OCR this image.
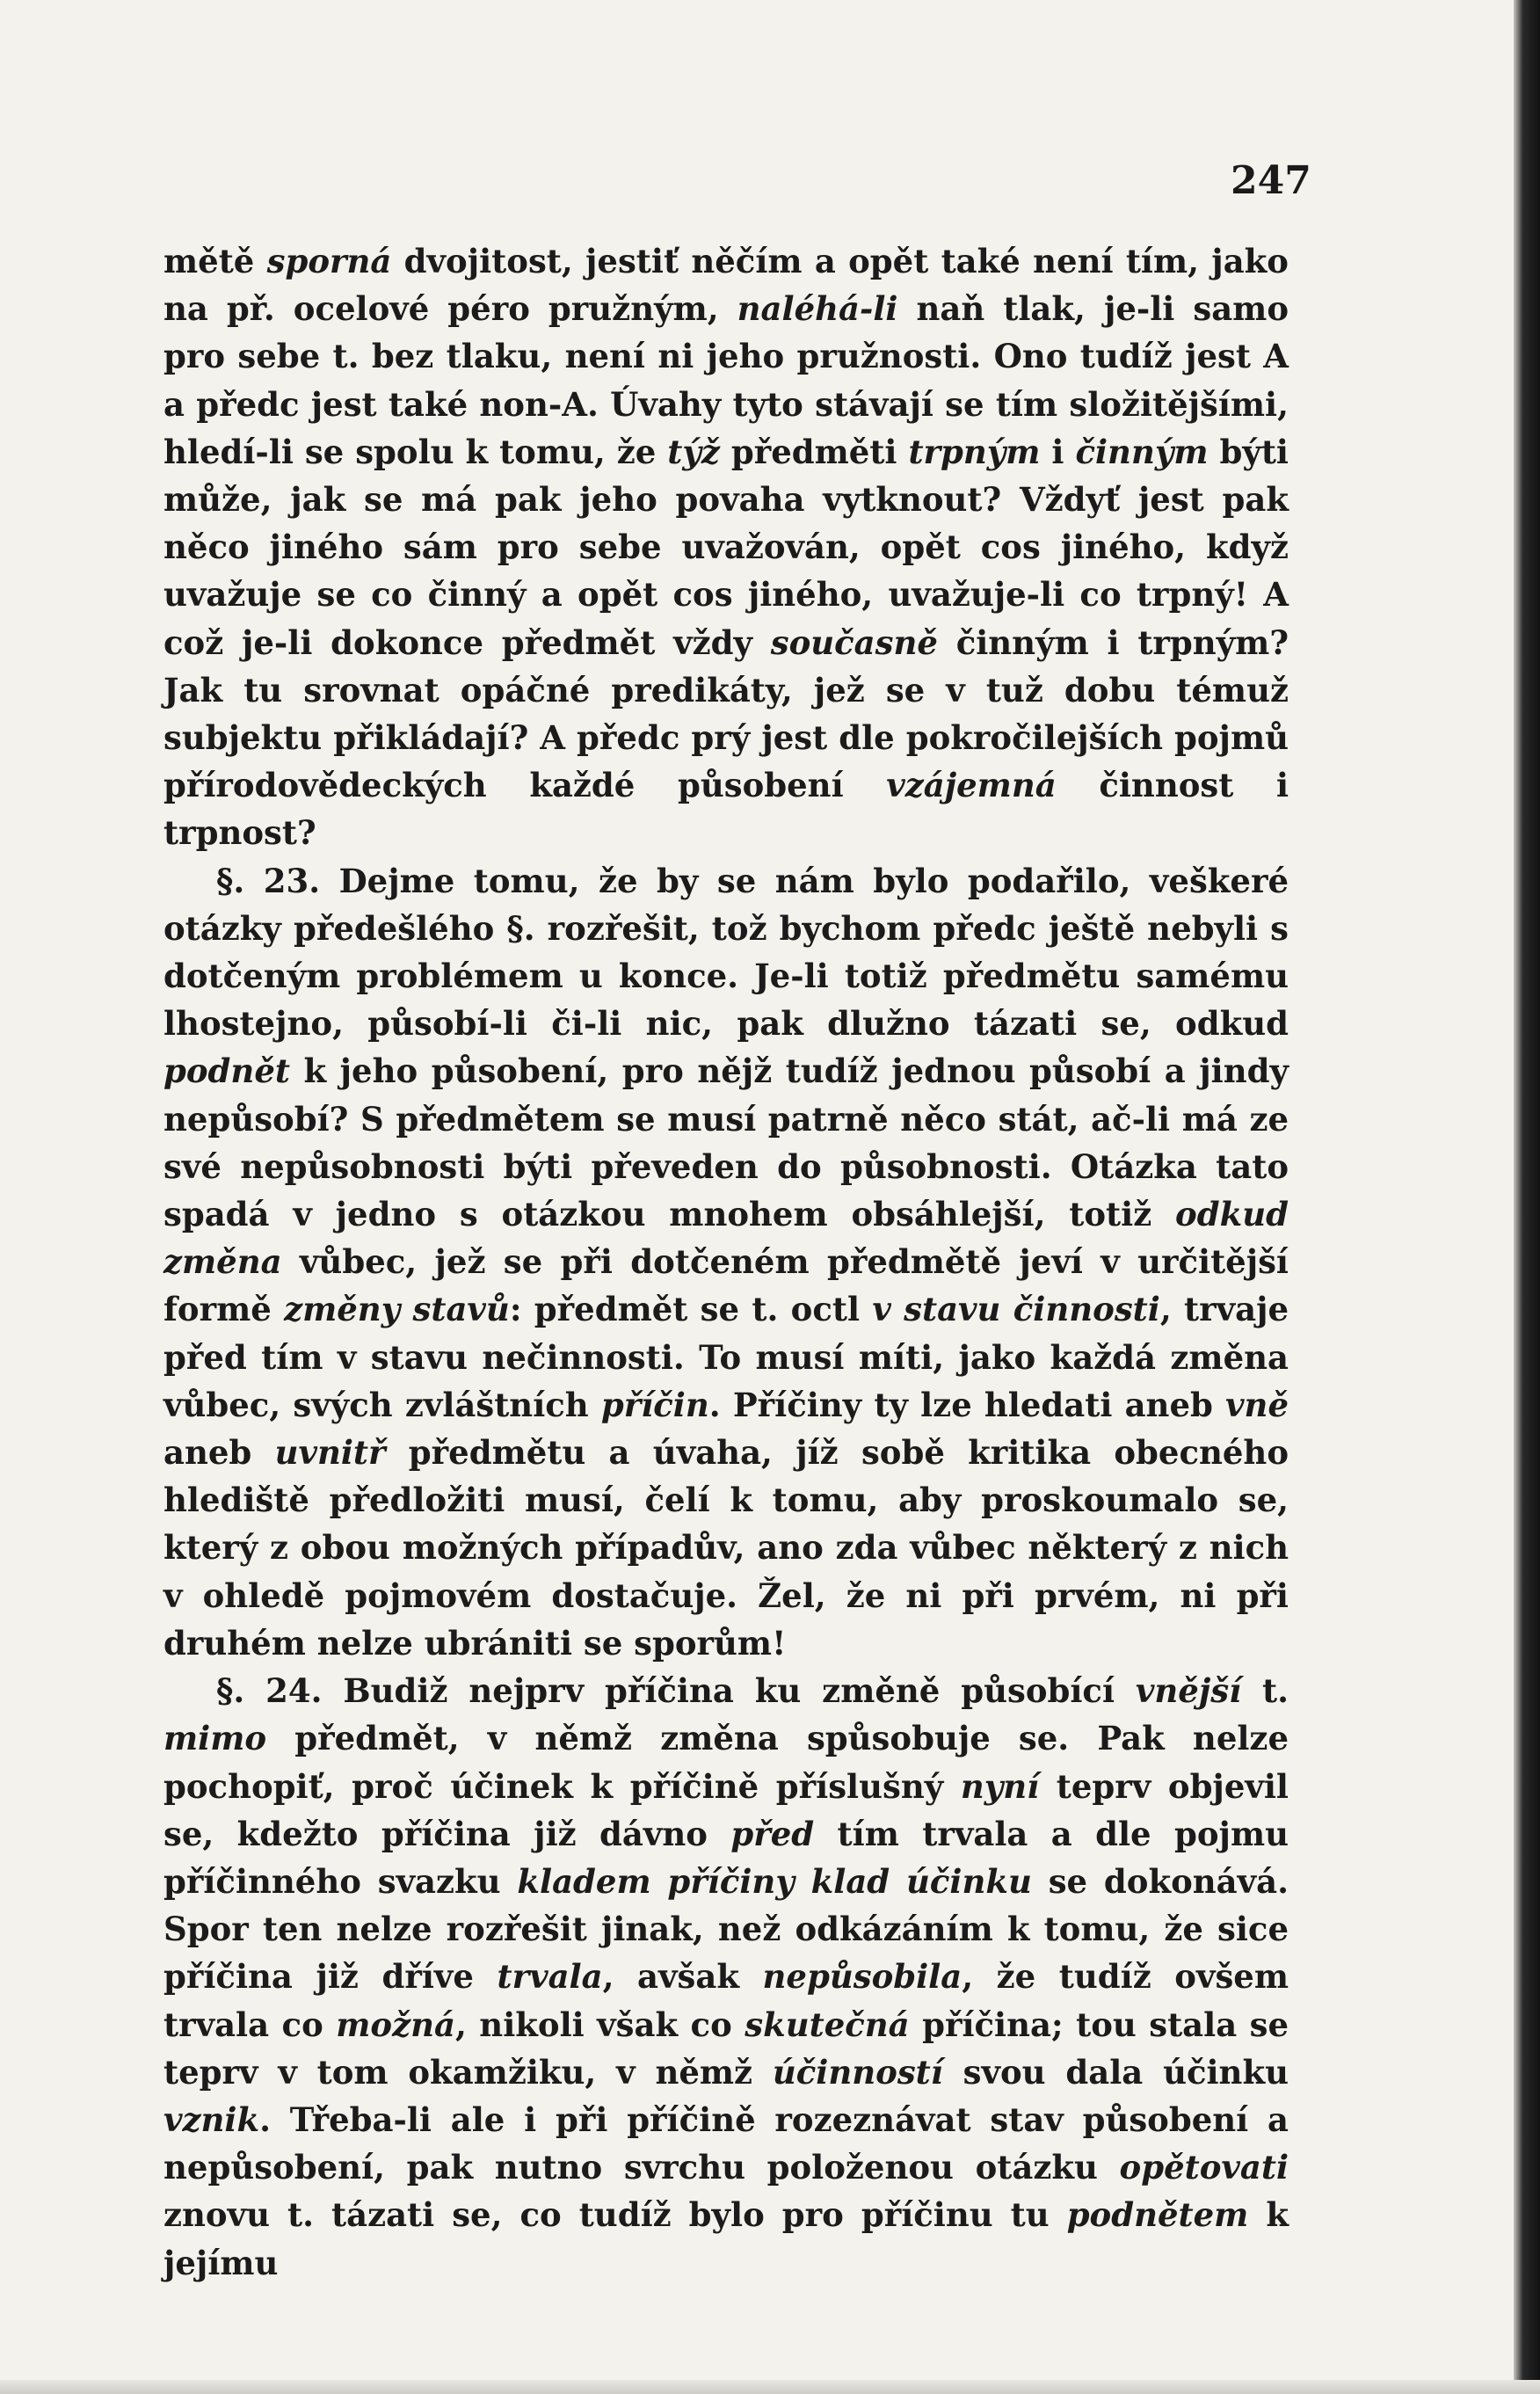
247

mětě sporná dvojitost, jestiť něčím a opět také není tím, jako na př. ocelové péro pružným, naléhá-li naň tlak, je-li samo pro sebe t. bez tlaku, není ni jeho pružnosti. Ono tudíž jest A a předc jest také non-A. Úvahy tyto stávají se tím složitějšími, hledí-li se spolu k tomu, že týž předměti trpným i činným býti může, jak se má pak jeho povaha vytknout? Vždyť jest pak něco jiného sám pro sebe uvažován, opět cos jiného, když uvažuje se co činný a opět cos jiného, uvažuje-li co trpný! A což je-li dokonce předmět vždy současně činným i trpným? Jak tu srovnat opáčné predikáty, jež se v tuž dobu témuž subjektu přikládají? A předc prý jest dle pokročilejších pojmů přírodovědeckých každé působení vzájemná činnost i trpnost?

§. 23. Dejme tomu, že by se nám bylo podařilo, veškeré otázky předešlého §. rozřešit, tož bychom předc ještě nebyli s dotčeným problémem u konce. Je-li totiž předmětu samému lhostejno, působí-li či-li nic, pak dlužno tázati se, odkud podnět k jeho působení, pro nějž tudíž jednou působí a jindy nepůsobí? S předmětem se musí patrně něco stát, ač-li má ze své nepůsobnosti býti převeden do působnosti. Otázka tato spadá v jedno s otázkou mnohem obsáhlejší, totiž odkud změna vůbec, jež se při dotčeném předmětě jeví v určitější formě změny stavů: předmět se t. octl v stavu činnosti, trvaje před tím v stavu nečinnosti. To musí míti, jako každá změna vůbec, svých zvláštních příčin. Příčiny ty lze hledati aneb vně aneb uvnitř předmětu a úvaha, jíž sobě kritika obecného hlediště předložiti musí, čelí k tomu, aby proskoumalo se, který z obou možných případův, ano zda vůbec některý z nich v ohledě pojmovém dostačuje. Žel, že ni při prvém, ni při druhém nelze ubrániti se sporům!

§. 24. Budiž nejprv příčina ku změně působící vnější t. mimo předmět, v němž změna spůsobuje se. Pak nelze pochopiť, proč účinek k příčině příslušný nyní teprv objevil se, kdežto příčina již dávno před tím trvala a dle pojmu příčinného svazku kladem příčiny klad účinku se dokonává. Spor ten nelze rozřešit jinak, než odkázáním k tomu, že sice příčina již dříve trvala, avšak nepůsobila, že tudíž ovšem trvala co možná, nikoli však co skutečná příčina; tou stala se teprv v tom okamžiku, v němž účinností svou dala účinku vznik. Třeba-li ale i při příčině rozeznávat stav působení a nepůsobení, pak nutno svrchu položenou otázku opětovati znovu t. tázati se, co tudíž bylo pro příčinu tu podnětem k jejímu
